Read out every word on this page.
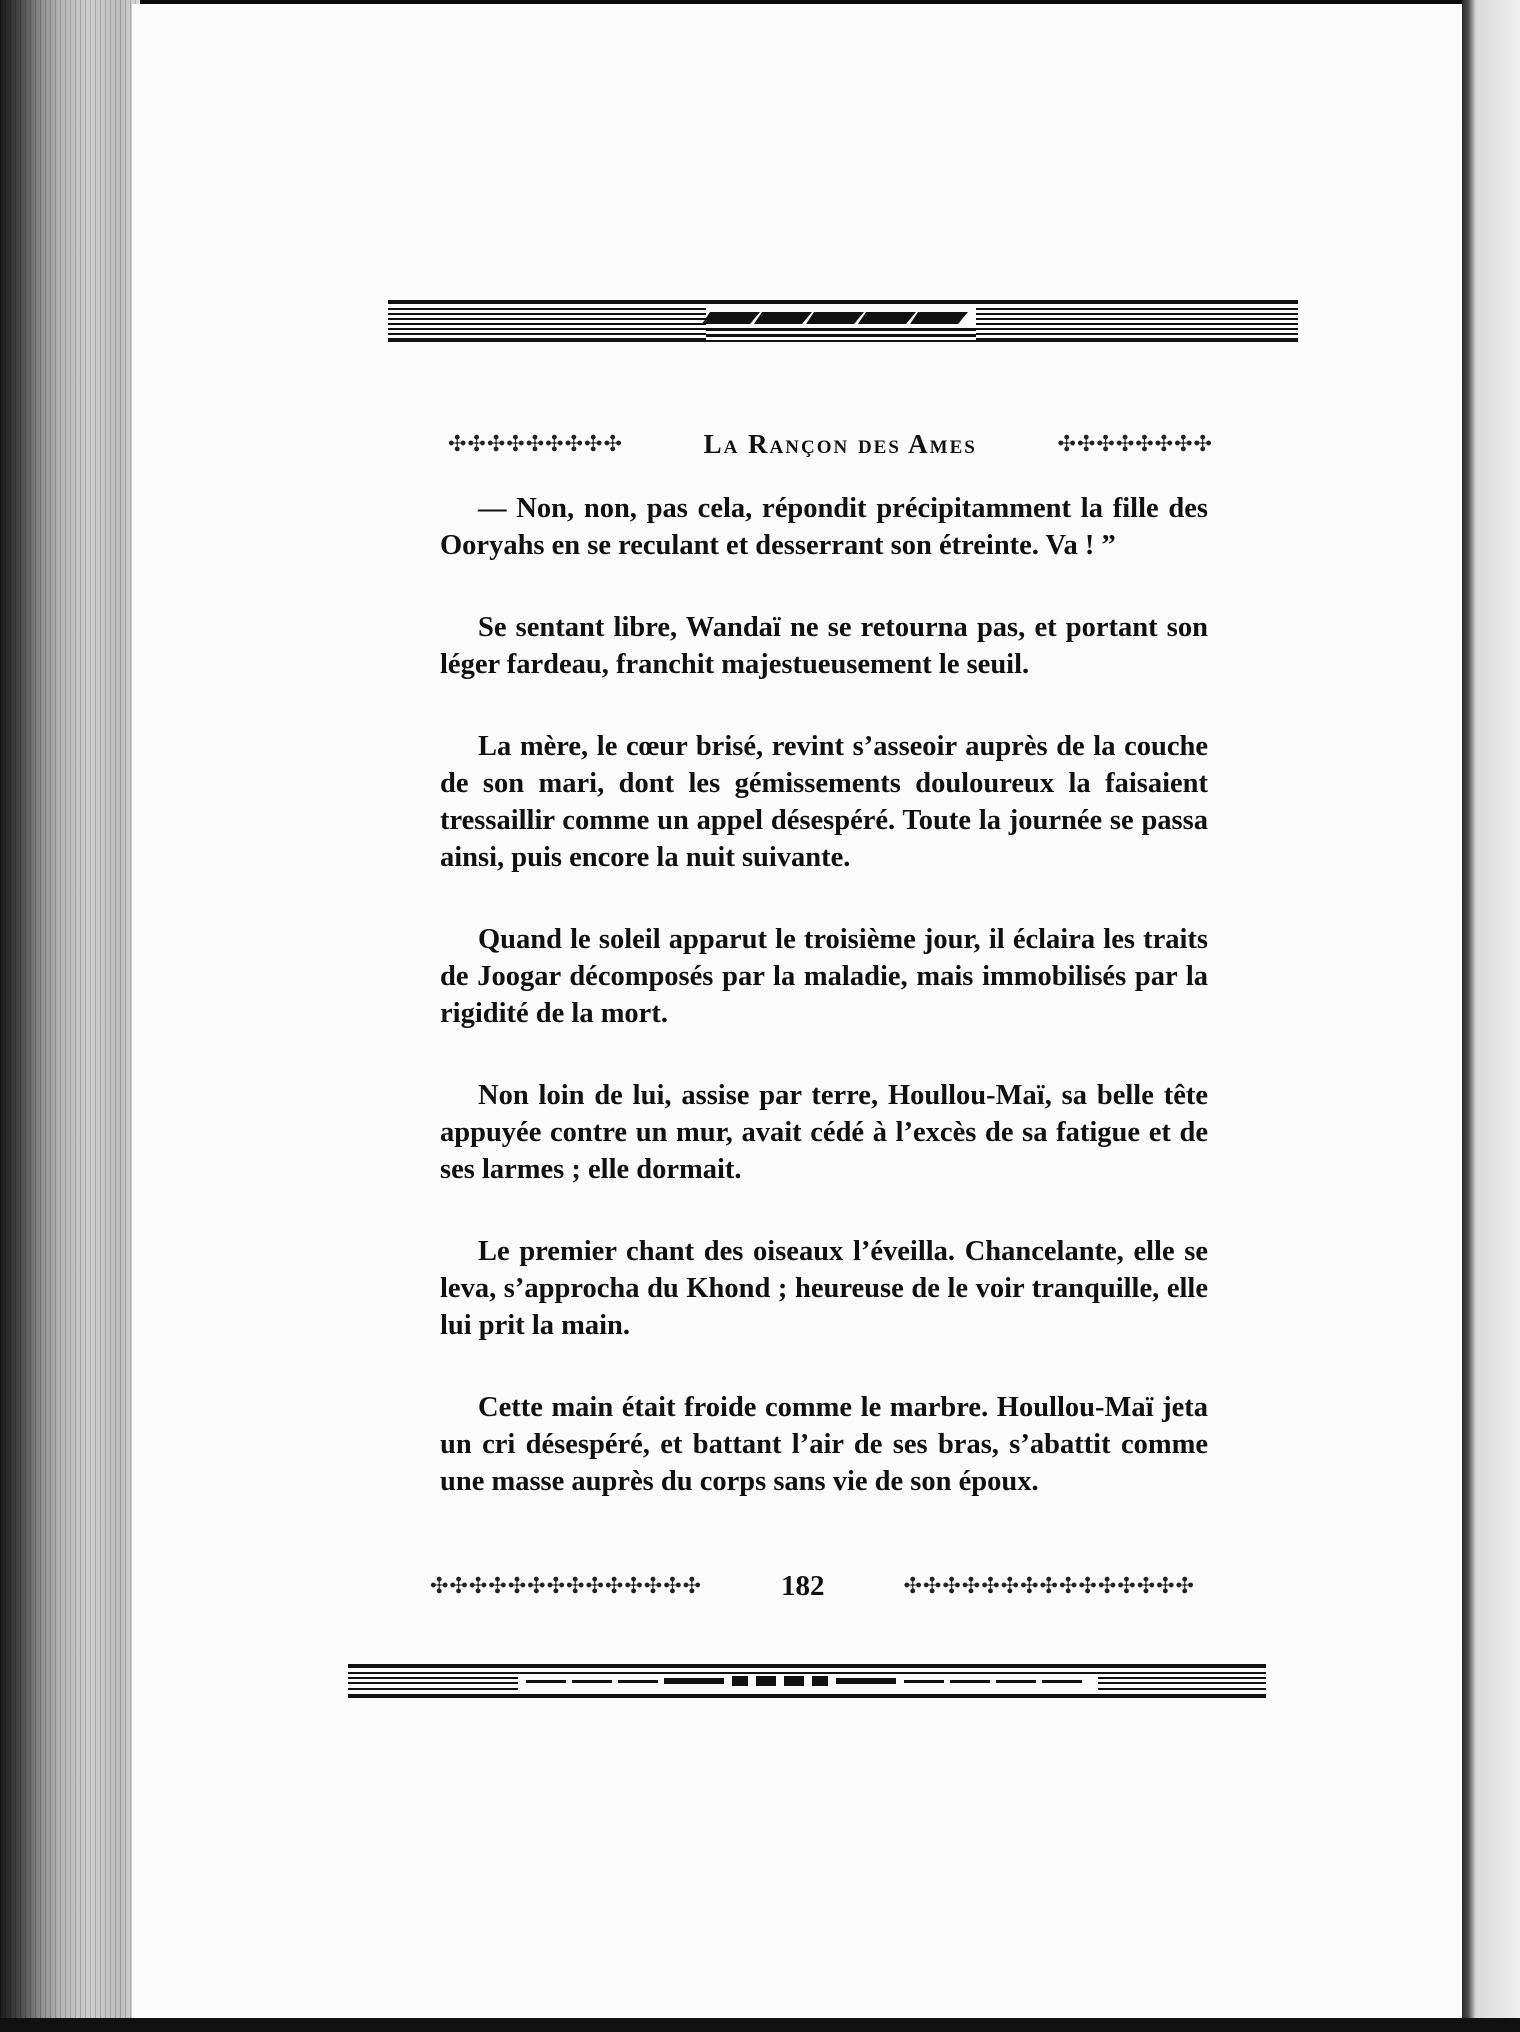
✣✣✣✣✣✣✣✣✣	La Rançon des Ames	✣✣✣✣✣✣✣✣

— Non, non, pas cela, répondit précipitamment la fille des Ooryahs en se reculant et desserrant son étreinte. Va ! ”

Se sentant libre, Wandaï ne se retourna pas, et portant son léger fardeau, franchit majestueusement le seuil.

La mère, le cœur brisé, revint s’asseoir auprès de la couche de son mari, dont les gémissements douloureux la faisaient tressaillir comme un appel désespéré. Toute la journée se passa ainsi, puis encore la nuit suivante.

Quand le soleil apparut le troisième jour, il éclaira les traits de Joogar décomposés par la maladie, mais immobilisés par la rigidité de la mort.

Non loin de lui, assise par terre, Houllou-Maï, sa belle tête appuyée contre un mur, avait cédé à l’excès de sa fatigue et de ses larmes ; elle dormait.

Le premier chant des oiseaux l’éveilla. Chancelante, elle se leva, s’approcha du Khond ; heureuse de le voir tranquille, elle lui prit la main.

Cette main était froide comme le marbre. Houllou-Maï jeta un cri désespéré, et battant l’air de ses bras, s’abattit comme une masse auprès du corps sans vie de son époux.

✣✣✣✣✣✣✣✣✣✣✣✣✣✣	182	✣✣✣✣✣✣✣✣✣✣✣✣✣✣✣
